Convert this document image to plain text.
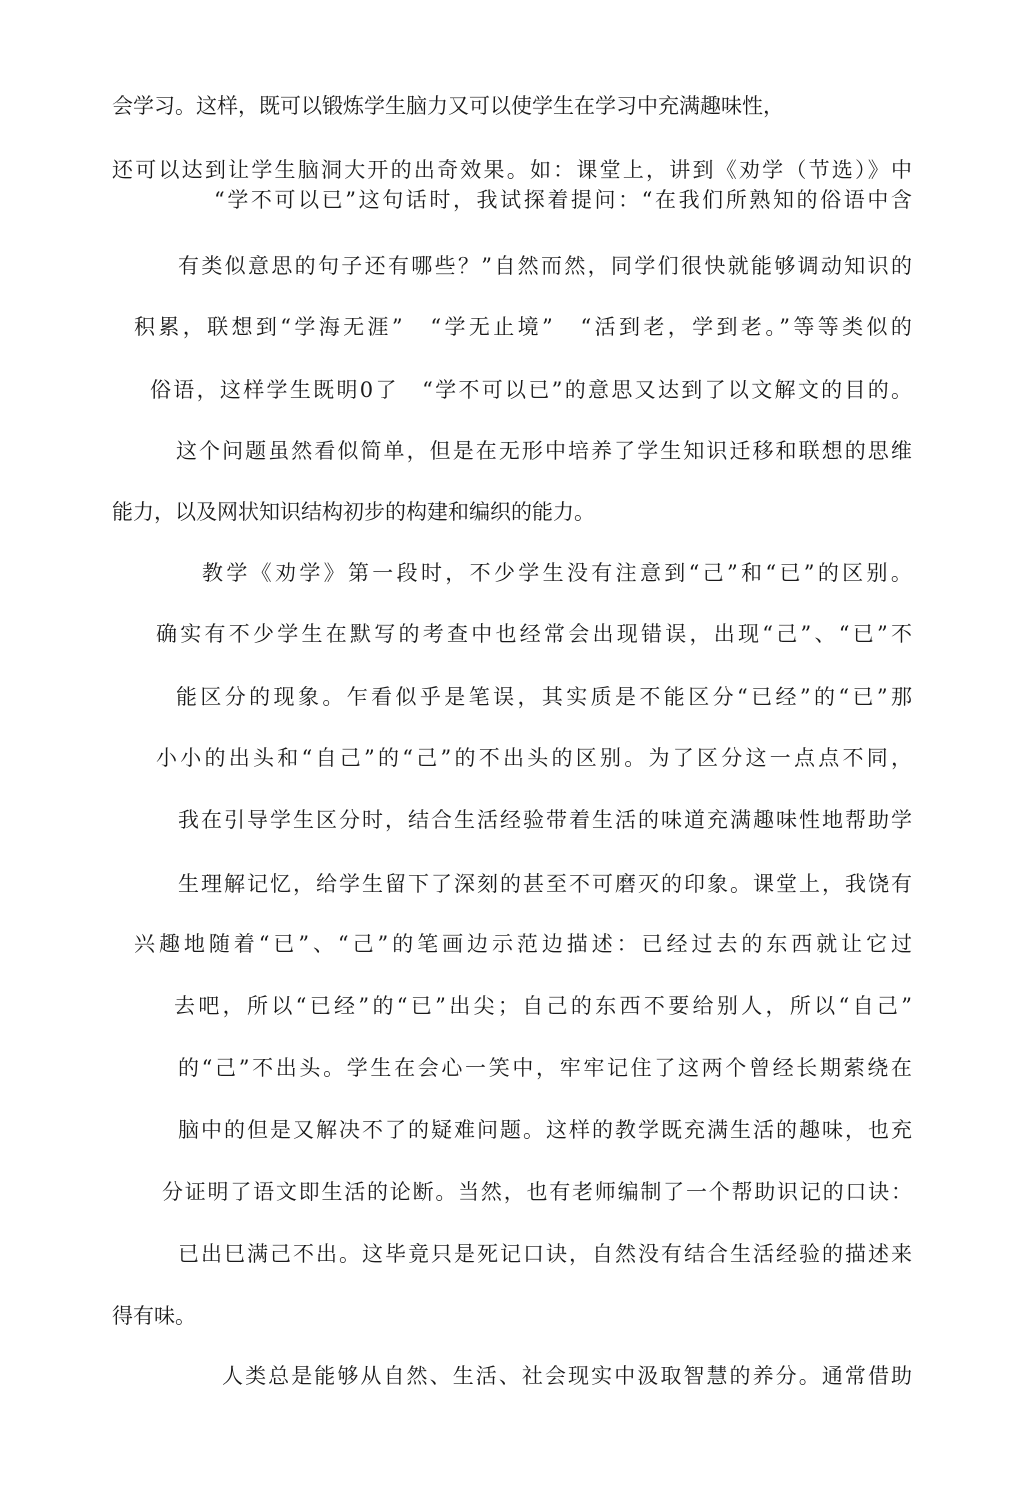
会学习。这样，既可以锻炼学生脑力又可以使学生在学习中充满趣味性，
还可以达到让学生脑洞大开的出奇效果。如：课堂上，讲到《劝学（节选）》中
“学不可以已”这句话时，我试探着提问：“在我们所熟知的俗语中含
有类似意思的句子还有哪些？”自然而然，同学们很快就能够调动知识的
积累，联想到“学海无涯”　“学无止境”　“活到老，学到老。”等等类似的
俗语，这样学生既明0了　“学不可以已”的意思又达到了以文解文的目的。
这个问题虽然看似简单，但是在无形中培养了学生知识迁移和联想的思维
能力，以及网状知识结构初步的构建和编织的能力。
教学《劝学》第一段时，不少学生没有注意到“己”和“已”的区别。
确实有不少学生在默写的考查中也经常会出现错误，出现“己”、“已”不
能区分的现象。乍看似乎是笔误，其实质是不能区分“已经”的“已”那
小小的出头和“自己”的“己”的不出头的区别。为了区分这一点点不同，
我在引导学生区分时，结合生活经验带着生活的味道充满趣味性地帮助学
生理解记忆，给学生留下了深刻的甚至不可磨灭的印象。课堂上，我饶有
兴趣地随着“已”、“己”的笔画边示范边描述：已经过去的东西就让它过
去吧，所以“已经”的“已”出尖；自己的东西不要给别人，所以“自己”
的“己”不出头。学生在会心一笑中，牢牢记住了这两个曾经长期萦绕在
脑中的但是又解决不了的疑难问题。这样的教学既充满生活的趣味，也充
分证明了语文即生活的论断。当然，也有老师编制了一个帮助识记的口诀：
已出巳满己不出。这毕竟只是死记口诀，自然没有结合生活经验的描述来
得有味。
人类总是能够从自然、生活、社会现实中汲取智慧的养分。通常借助
